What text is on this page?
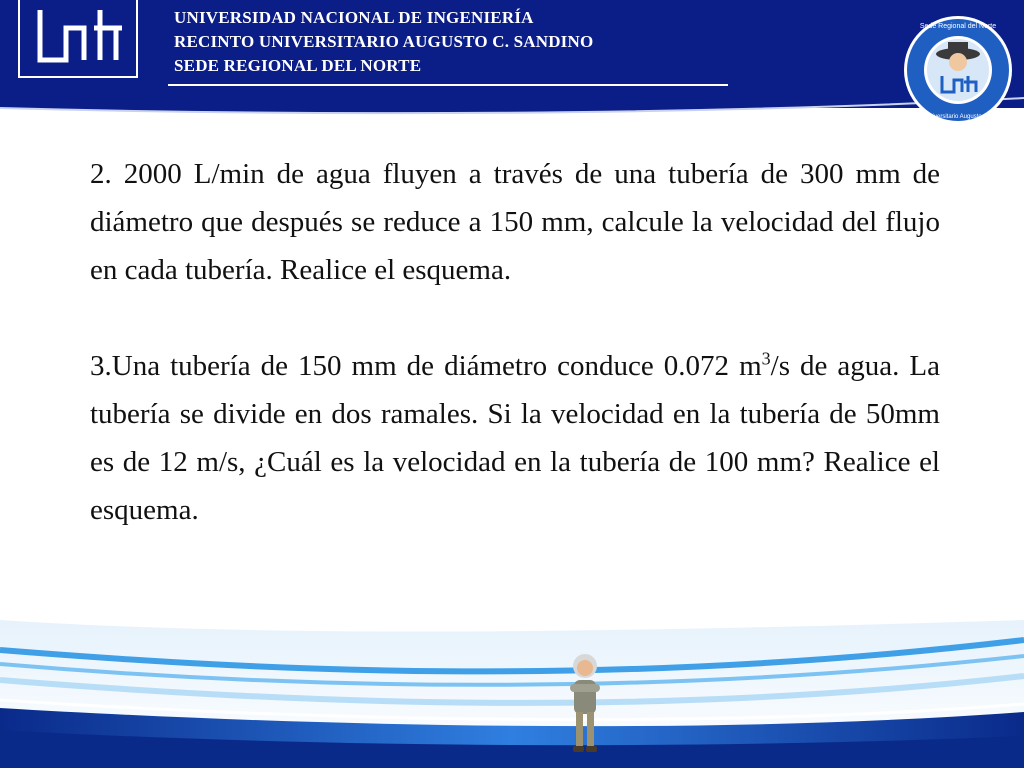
UNIVERSIDAD NACIONAL DE INGENIERÍA
RECINTO UNIVERSITARIO AUGUSTO C. SANDINO
SEDE REGIONAL DEL NORTE
Sede Regional del Norte
Recinto Universitario Augusto C. Sandino

2. 2000 L/min de agua fluyen a través de una tubería de 300 mm de diámetro que después se reduce a 150 mm, calcule la velocidad del flujo en cada tubería. Realice el esquema.

3.Una tubería de 150 mm de diámetro conduce 0.072 $m^3/s$ de agua. La tubería se divide en dos ramales. Si la velocidad en la tubería de 50mm es de 12 m/s, ¿Cuál es la velocidad en la tubería de 100 mm? Realice el esquema.
